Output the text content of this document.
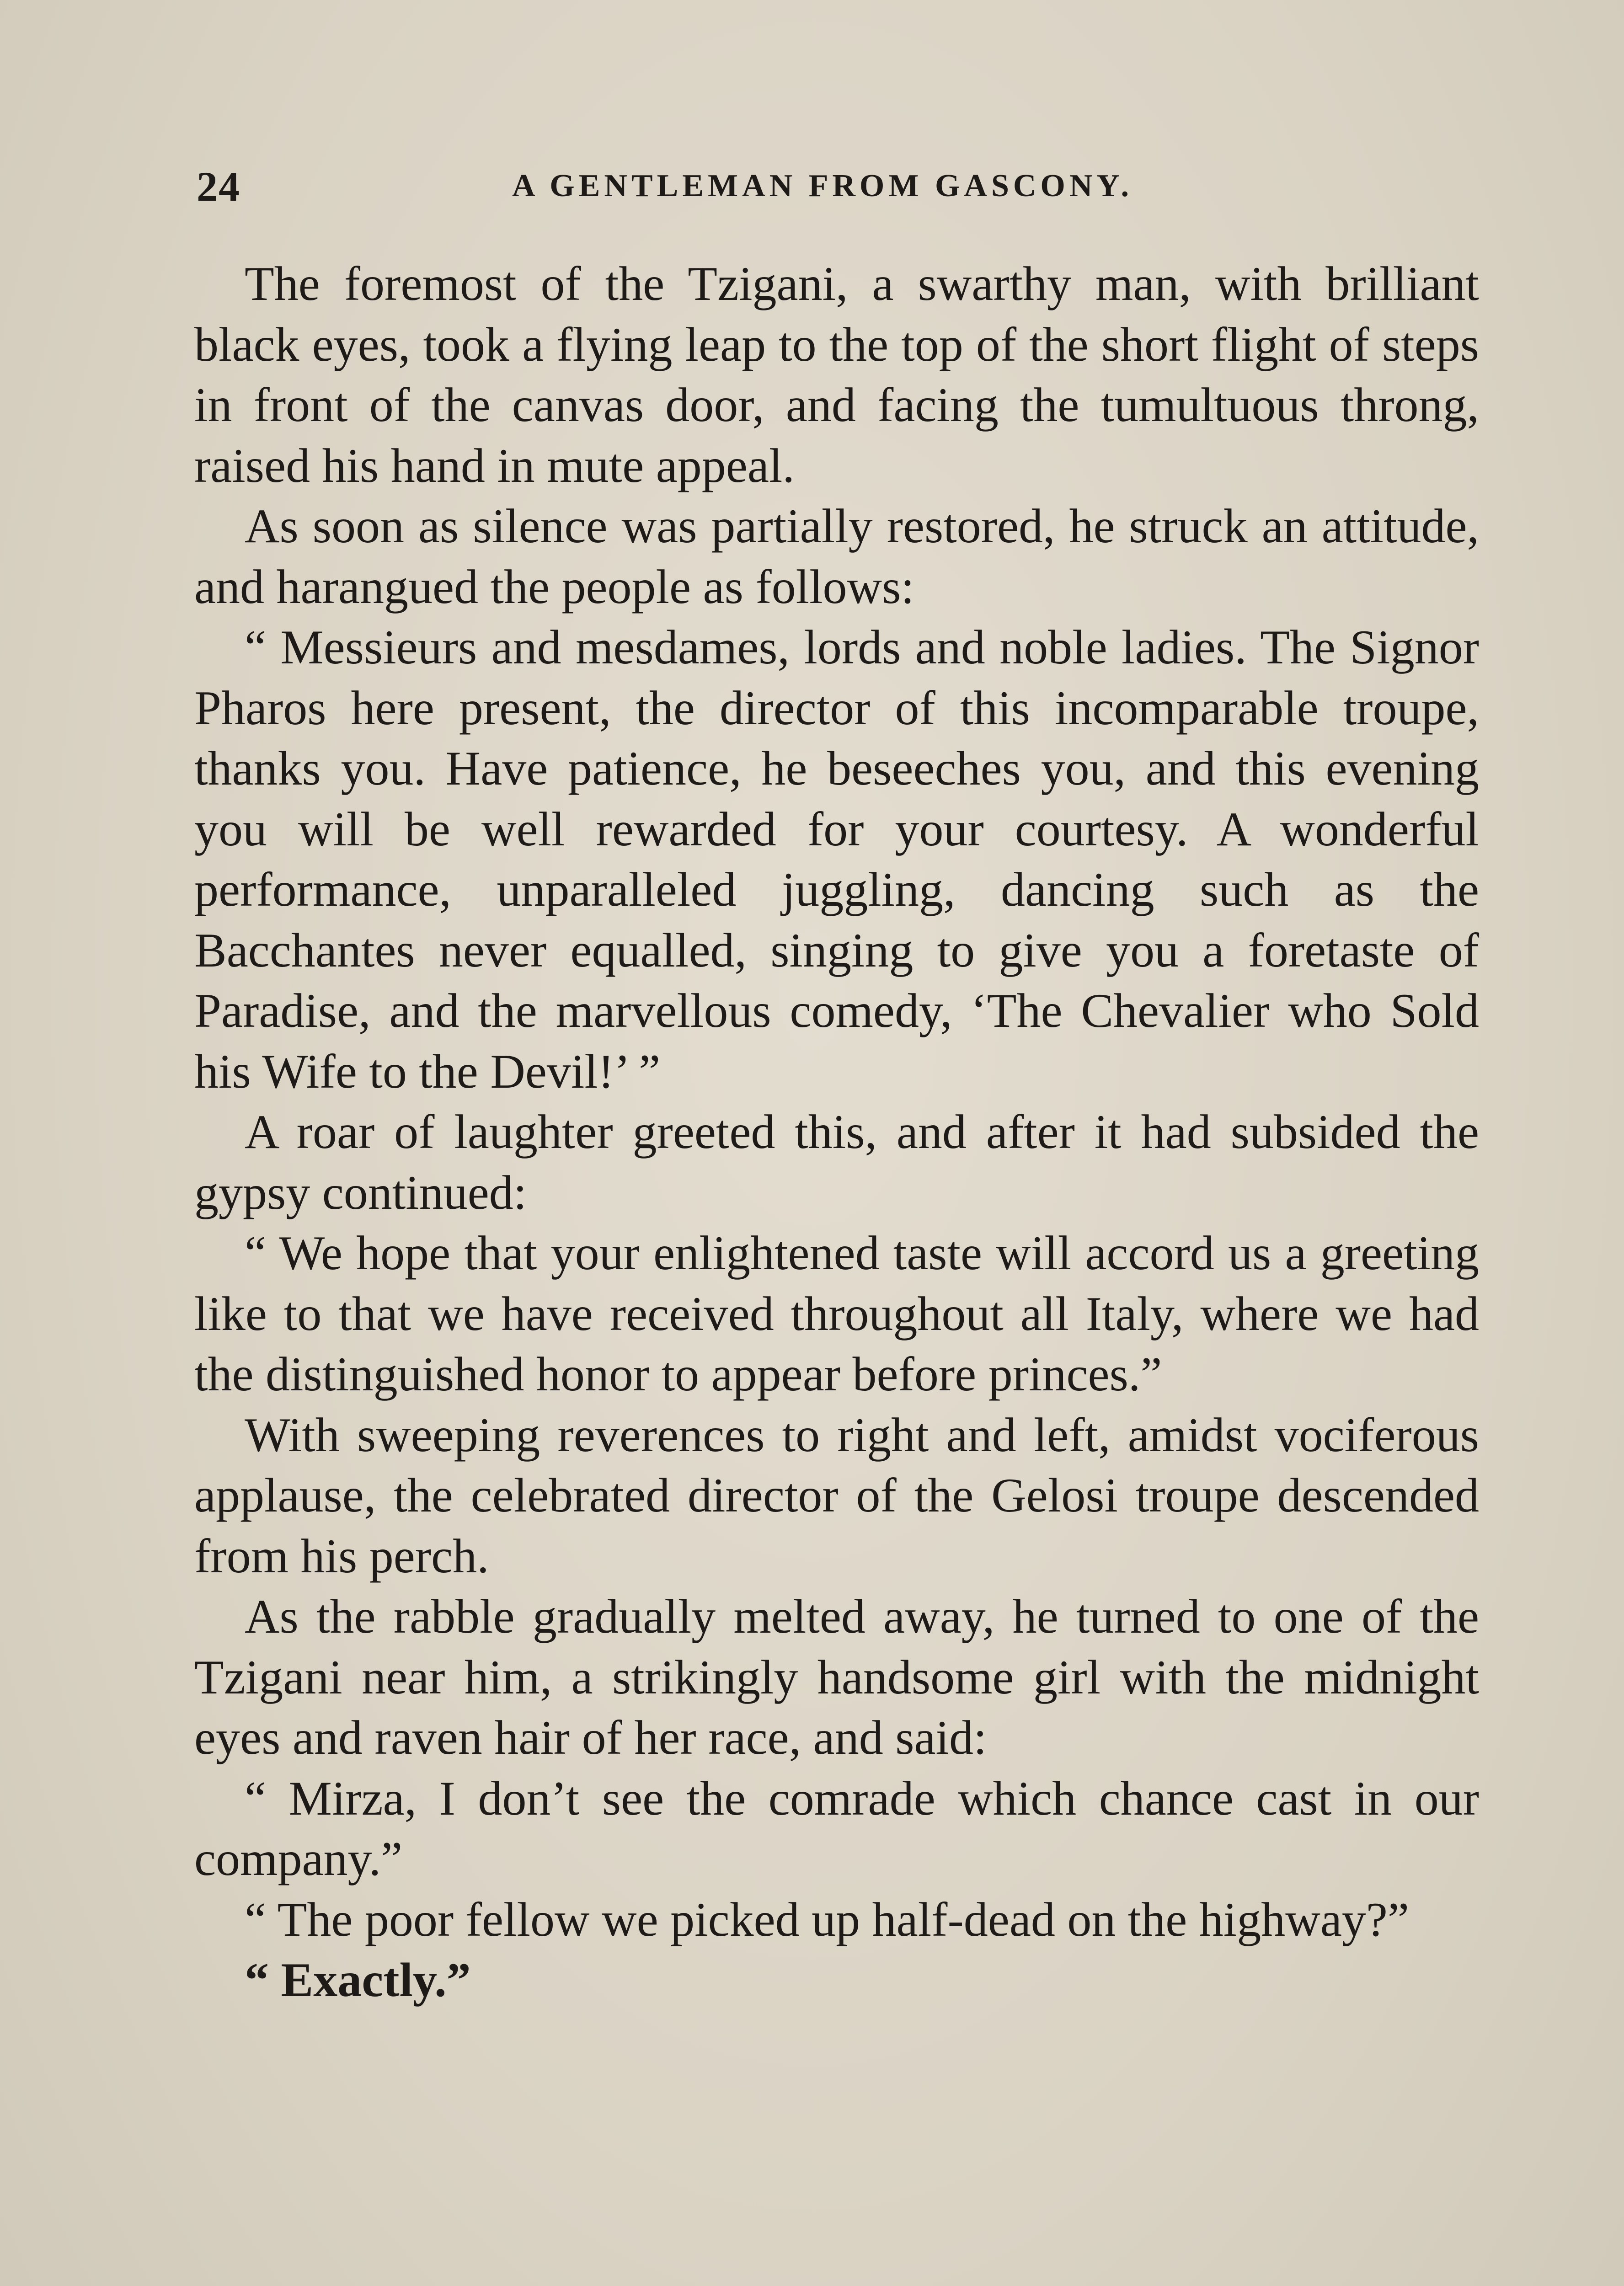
24	A GENTLEMAN FROM GASCONY.

The foremost of the Tzigani, a swarthy man, with brilliant black eyes, took a flying leap to the top of the short flight of steps in front of the canvas door, and facing the tumultuous throng, raised his hand in mute appeal.

As soon as silence was partially restored, he struck an attitude, and harangued the people as follows:

“ Messieurs and mesdames, lords and noble ladies. The Signor Pharos here present, the director of this incomparable troupe, thanks you. Have patience, he beseeches you, and this evening you will be well rewarded for your courtesy. A wonderful performance, unparalleled juggling, dancing such as the Bacchantes never equalled, singing to give you a foretaste of Paradise, and the marvellous comedy, ‘The Chevalier who Sold his Wife to the Devil!’ ”

A roar of laughter greeted this, and after it had subsided the gypsy continued:

“ We hope that your enlightened taste will accord us a greeting like to that we have received throughout all Italy, where we had the distinguished honor to appear before princes.”

With sweeping reverences to right and left, amidst vociferous applause, the celebrated director of the Gelosi troupe descended from his perch.

As the rabble gradually melted away, he turned to one of the Tzigani near him, a strikingly handsome girl with the midnight eyes and raven hair of her race, and said:

“ Mirza, I don’t see the comrade which chance cast in our company.”

“ The poor fellow we picked up half-dead on the highway?”

“ Exactly.”
